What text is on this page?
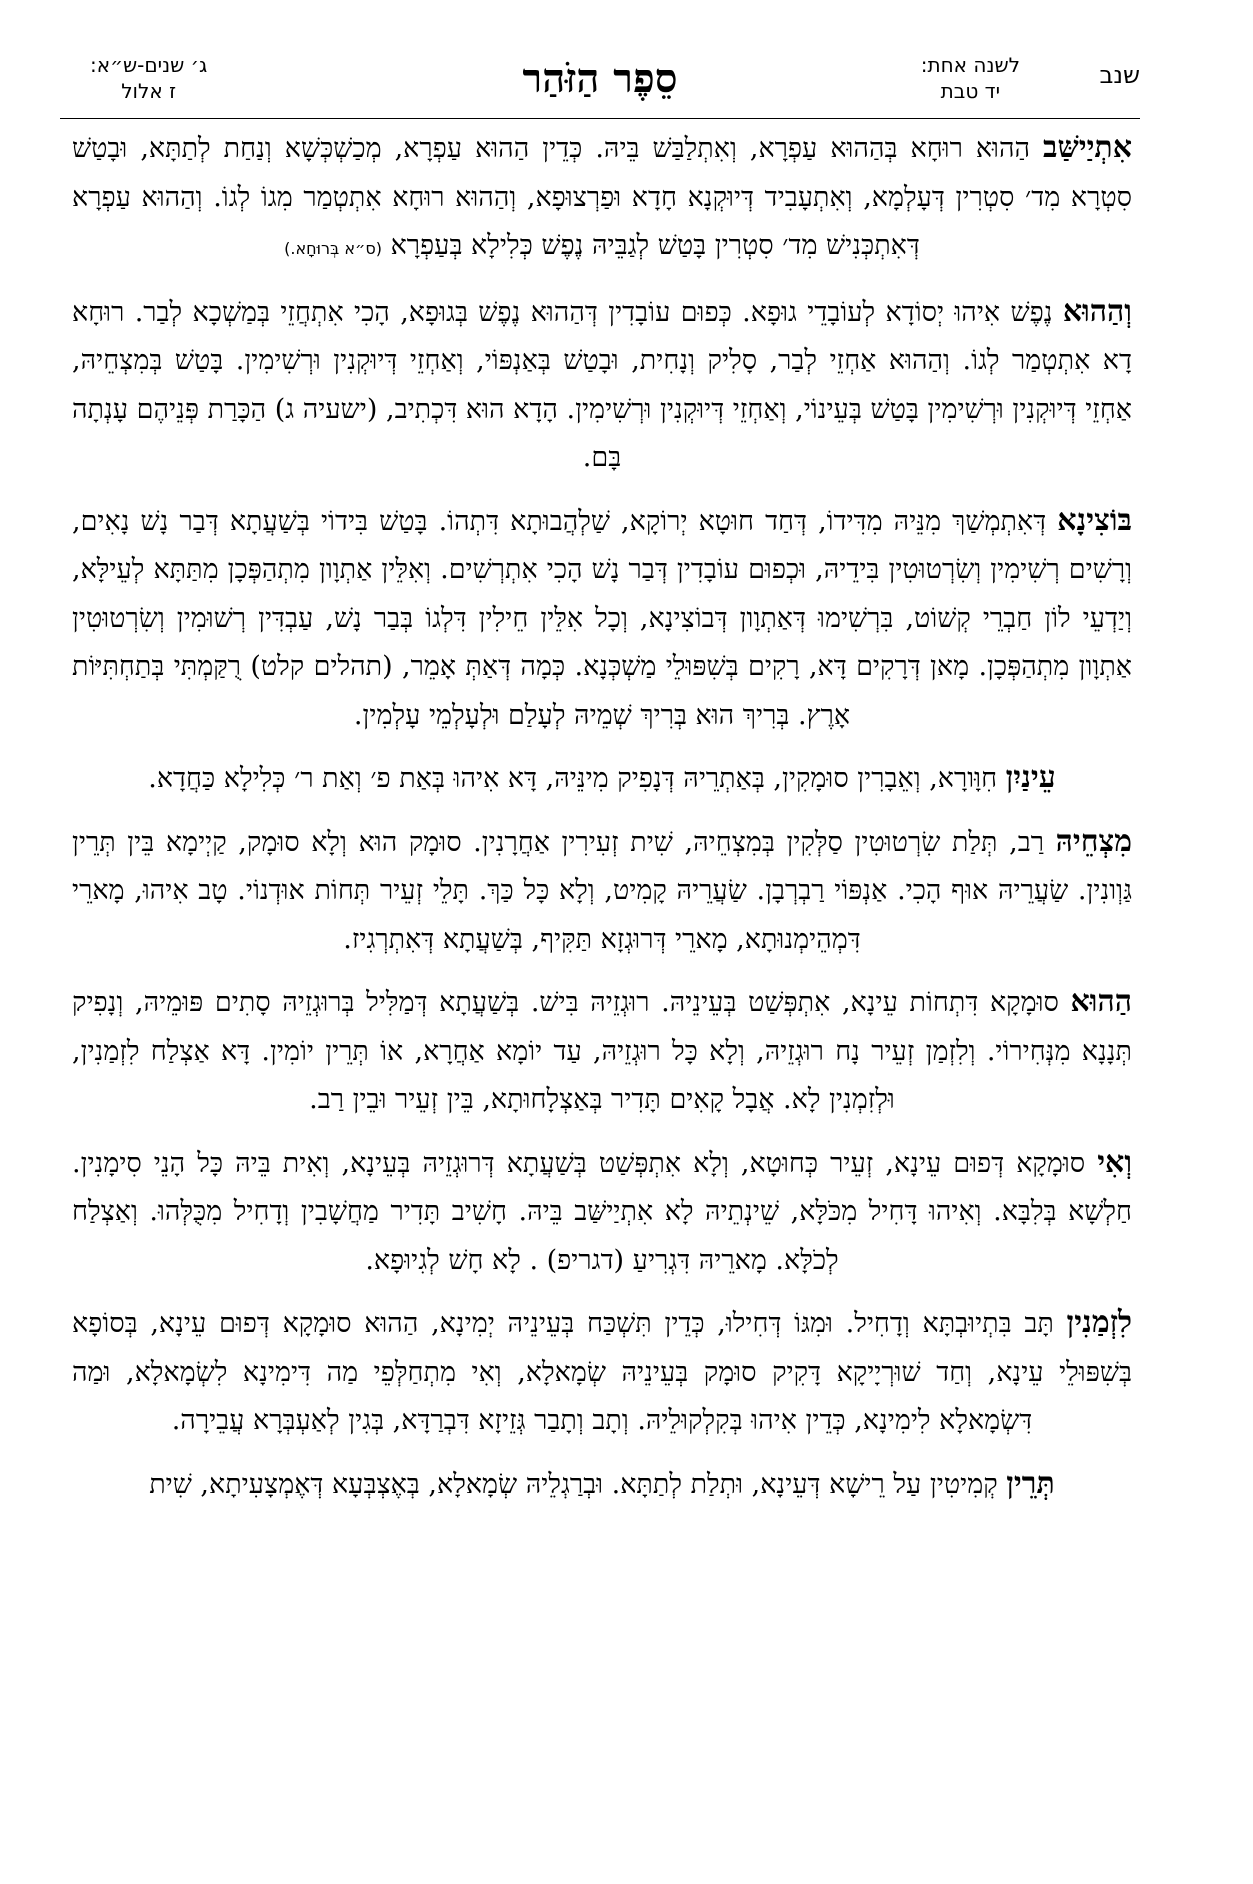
שנב
לשנה אחת:
יד טבת
סֵפֶר הַזֹּהַר
ג׳ שנים-ש״א:
ז אלול

אִתְיַישַּׁב הַהוּא רוּחָא בְּהַהוּא עַפְרָא, וְאִתְלַבַּשׁ בֵּיהּ. כְּדֵין הַהוּא עַפְרָא, מְכַשְׁכְּשָׁא וְנַחַת לְתַתָּא, וּבָטַשׁ סִטְרָא מִד׳ סִטְרִין דְּעָלְמָא, וְאִתְעָבִיד דְּיוּקְנָא חָדָא וּפַרְצוּפָא, וְהַהוּא רוּחָא אִתְטְמַר מִגוֹ לְגוֹ. וְהַהוּא עַפְרָא דְּאִתְכְּנִישׁ מִד׳ סִטְרִין בָּטַשׁ לְגַבֵּיהּ נֶפֶשׁ כְּלִילָא בְּעַפְרָא (ס״א בְּרוּחָא.)

וְהַהוּא נֶפֶשׁ אִיהוּ יְסוֹדָא לְעוֹבָדֵי גוּפָא. כְּפוּם עוֹבָדִין דְּהַהוּא נֶפֶשׁ בְּגוּפָא, הָכִי אִתְחֲזֵי בְּמַשְׁכָא לְבַר. רוּחָא דָא אִתְטְמַר לְגוֹ. וְהַהוּא אַחְזֵי לְבַר, סָלִיק וְנָחִית, וּבָטַשׁ בְּאַנְפּוֹי, וְאַחְזֵי דְּיוּקְנִין וּרְשִׁימִין. בָּטַשׁ בְּמִצְחֵיהּ, אַחְזֵי דְּיוּקְנִין וּרְשִׁימִין בָּטַשׁ בְּעֵינוֹי, וְאַחְזֵי דְּיוּקְנִין וּרְשִׁימִין. הָדָא הוּא דִּכְתִיב, (ישעיה ג) הַכָּרַת פְּנֵיהֶם עָנְתָה בָּם.

בּוֹצִינָא דְּאִתְמְשַׁךְ מִנֵּיהּ מִדִּידוֹ, דְּחַד חוּטָא יְרוֹקָא, שַׁלְהֲבוּתָא דִּתְהוֹ. בָּטַשׁ בִּידוֹי בְּשַׁעֲתָא דְּבַר נָשׁ נָאִים, וְרָשִׁים רְשִׁימִין וְשִׂרְטוּטִין בִּידֵיהּ, וּכְפוּם עוֹבָדִין דְּבַר נָשׁ הָכִי אִתְרְשִׁים. וְאִלֵּין אַתְוָון מִתְהַפְּכָן מִתַּתָּא לְעֵילָּא, וְיַדְעֵי לוֹן חַבְרֵי קְשׁוֹט, בִּרְשִׁימוּ דְּאַתְוָון דְּבוֹצִינָא, וְכָל אִלֵּין חֵילִין דִּלְגוֹ בְּבַר נָשׁ, עַבְדִּין רְשׁוּמִין וְשִׂרְטוּטִין אַתְוָון מִתְהַפְּכָן. מָאן דְּרָקִים דָּא, רָקִים בְּשִׁפּוּלֵי מַשְׁכְּנָא. כְּמָה דְּאַתְּ אָמֵר, (תהלים קלט) רֻקַּמְתִּי בְּתַחְתִּיּוֹת אָרֶץ. בְּרִיךְ הוּא בְּרִיךְ שְׁמֵיהּ לְעָלַם וּלְעָלְמֵי עָלְמִין.

עֵינַיִן חִוָּורָא, וְאֵבָרִין סוּמָקִין, בְּאַתְרֵיהּ דְּנָפִיק מִינֵּיהּ, דָּא אִיהוּ בְּאַת פ׳ וְאַת ר׳ כְּלִילָא כַּחֲדָא.

מִצְחֵיהּ רַב, תְּלַת שִׂרְטוּטִין סַלְּקִין בְּמִצְחֵיהּ, שִׁית זְעִירִין אַחֲרָנִין. סוּמָק הוּא וְלָא סוּמָק, קַיְימָא בֵּין תְּרֵין גַּוְונִין. שַׂעֲרֵיהּ אוּף הָכִי. אַנְפּוֹי רַבְרְבָן. שַׂעֲרֵיהּ קָמִיט, וְלָא כָּל כַּךְ. תָּלֵי זְעֵיר תְּחוֹת אוּדְנוֹי. טָב אִיהוּ, מָארֵי דִּמְהֵימְנוּתָא, מָארֵי דְּרוּגְזָא תַּקִּיף, בְּשַׁעֲתָא דְּאִתְרְגִיז.

הַהוּא סוּמָקָא דִּתְחוֹת עֵינָא, אִתְפְּשַׁט בְּעֵינֵיהּ. רוּגְזֵיהּ בִּישׁ. בְּשַׁעֲתָא דְּמַלִּיל בְּרוּגְזֵיהּ סָתִים פּוּמֵיהּ, וְנָפִיק תְּנָנָא מִנְּחִירוֹי. וְלִזְמַן זְעֵיר נָח רוּגְזֵיהּ, וְלָא כָּל רוּגְזֵיהּ, עַד יוֹמָא אַחֲרָא, אוֹ תְּרֵין יוֹמִין. דָּא אַצְלַח לִזְמַנִין, וּלְזִמְנִין לָא. אֲבָל קָאִים תָּדִיר בְּאַצְלָחוּתָא, בֵּין זְעֵיר וּבֵין רַב.

וְאִי סוּמָקָא דְּפוּם עֵינָא, זְעֵיר כְּחוּטָא, וְלָא אִתְפְּשַׁט בְּשַׁעֲתָא דְּרוּגְזֵיהּ בְּעֵינָא, וְאִית בֵּיהּ כָּל הָנֵי סִימָנִין. חַלְשָׁא בְּלִבָּא. וְאִיהוּ דָּחִיל מִכֹּלָּא, שֵׁינְתֵיהּ לָא אִתְיַישַּׁב בֵּיהּ. חָשִׁיב תָּדִיר מַחֲשָׁבִין וְדָחִיל מִכֻּלְּהוּ. וְאַצְלַח לְכֹלָּא. מָארֵיהּ דִּגְרִיעַ (דגריפ) . לָא חָשׁ לְגִיוּפָא.

לִזְמַנִין תָּב בִּתְיוּבְתָּא וְדָחִיל. וּמִגּוֹ דְּחִילוּ, כְּדֵין תִּשְׁכַּח בְּעֵינֵיהּ יְמִינָא, הַהוּא סוּמָקָא דְּפוּם עֵינָא, בְּסוֹפָא בְּשִׁפּוּלֵי עֵינָא, וְחַד שׁוּרְיָיקָא דָּקִיק סוּמָק בְּעֵינֵיהּ שְׂמָאלָא, וְאִי מִתְחַלְּפֵי מַה דִּימִינָא לִשְׂמָאלָא, וּמַה דִּשְׂמָאלָא לִימִינָא, כְּדֵין אִיהוּ בְּקִלְקוּלֵיהּ. וְתָב וְתָבַר גְּזֵיזָא דִּבְרַדָּא, בְּגִין לְאַעְבְּרָא עֲבֵירָה.

תְּרֵין קְמִיטִין עַל רֵישָׁא דְּעֵינָא, וּתְלַת לְתַתָּא. וּבְרַגְלֵיהּ שְׂמָאלָא, בְּאֶצְבְּעָא דְּאֶמְצָעִיתָא, שִׁית
